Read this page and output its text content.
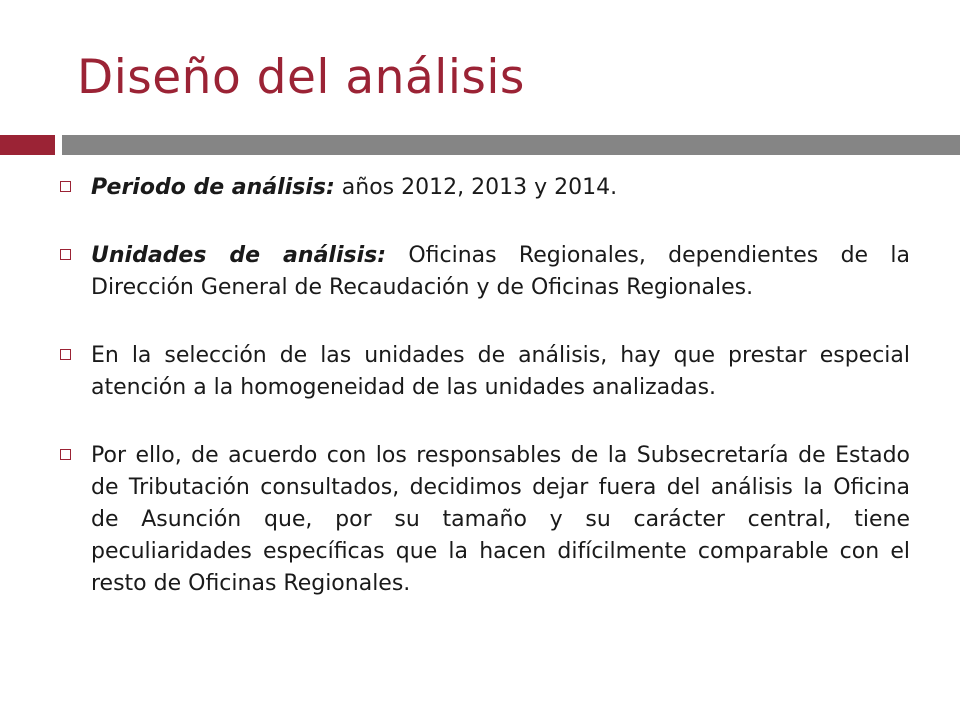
Diseño del análisis
Periodo de análisis: años 2012, 2013 y 2014.
Unidades de análisis: Oficinas Regionales, dependientes de la Dirección General de Recaudación y de Oficinas Regionales.
En la selección de las unidades de análisis, hay que prestar especial atención a la homogeneidad de las unidades analizadas.
Por ello, de acuerdo con los responsables de la Subsecretaría de Estado de Tributación consultados, decidimos dejar fuera del análisis la Oficina de Asunción que, por su tamaño y su carácter central, tiene peculiaridades específicas que la hacen difícilmente comparable con el resto de Oficinas Regionales.
